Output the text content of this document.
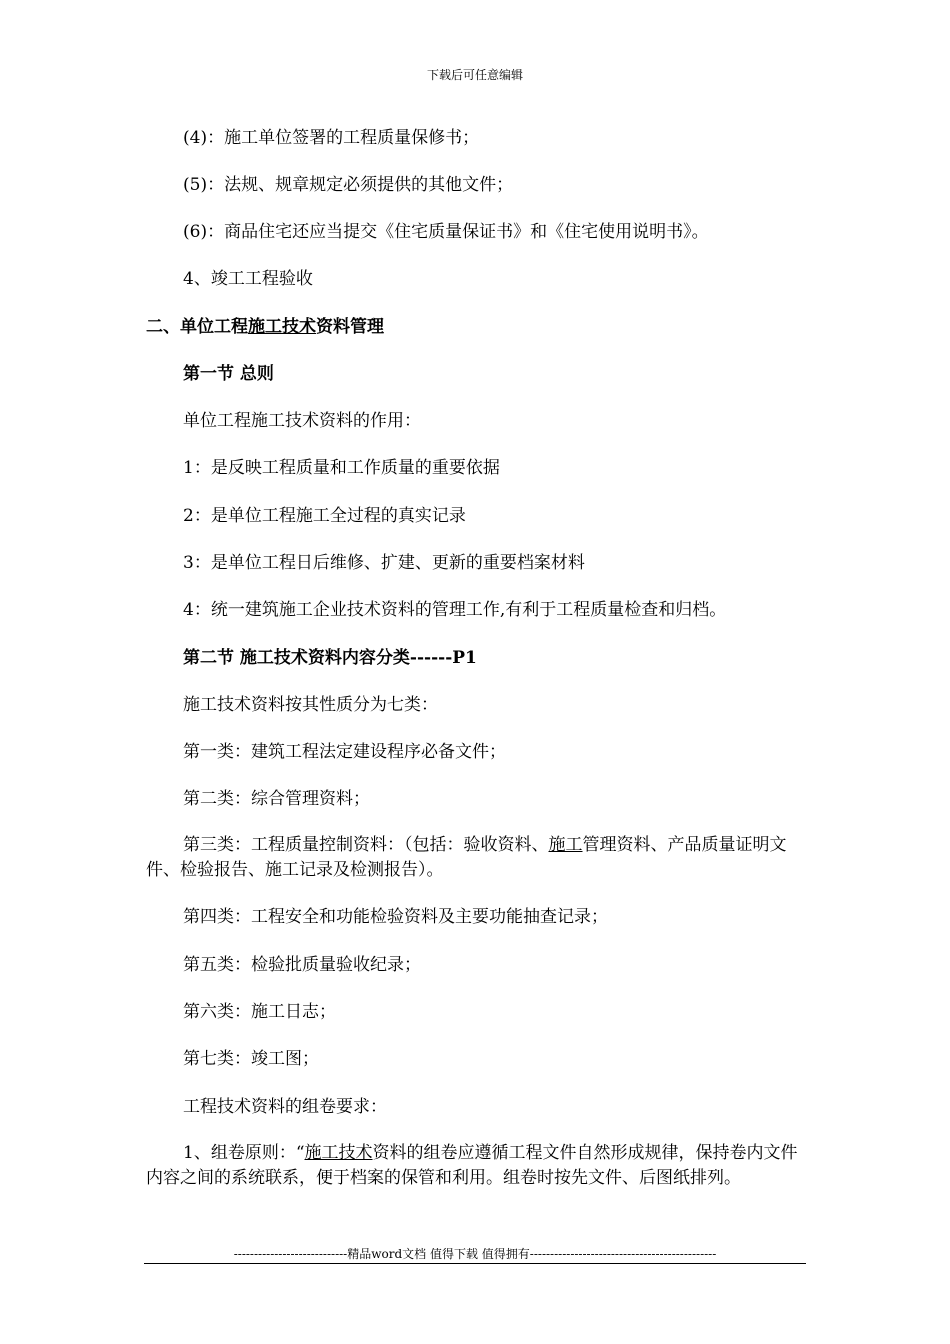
下载后可任意编辑
(4)：施工单位签署的工程质量保修书；
(5)：法规、规章规定必须提供的其他文件；
(6)：商品住宅还应当提交《住宅质量保证书》和《住宅使用说明书》。
4、竣工工程验收
二、单位工程施工技术资料管理
第一节 总则
单位工程施工技术资料的作用：
1：是反映工程质量和工作质量的重要依据
2：是单位工程施工全过程的真实记录
3：是单位工程日后维修、扩建、更新的重要档案材料
4：统一建筑施工企业技术资料的管理工作,有利于工程质量检查和归档。
第二节 施工技术资料内容分类------P1
施工技术资料按其性质分为七类：
第一类：建筑工程法定建设程序必备文件；
第二类：综合管理资料；
第三类：工程质量控制资料：（包括：验收资料、施工管理资料、产品质量证明文件、检验报告、施工记录及检测报告）。
第四类：工程安全和功能检验资料及主要功能抽查记录；
第五类：检验批质量验收纪录；
第六类：施工日志；
第七类：竣工图；
工程技术资料的组卷要求：
1、组卷原则：“施工技术资料的组卷应遵循工程文件自然形成规律，保持卷内文件内容之间的系统联系，便于档案的保管和利用。组卷时按先文件、后图纸排列。
----------------------------精品word文档 值得下载 值得拥有----------------------------------------------
